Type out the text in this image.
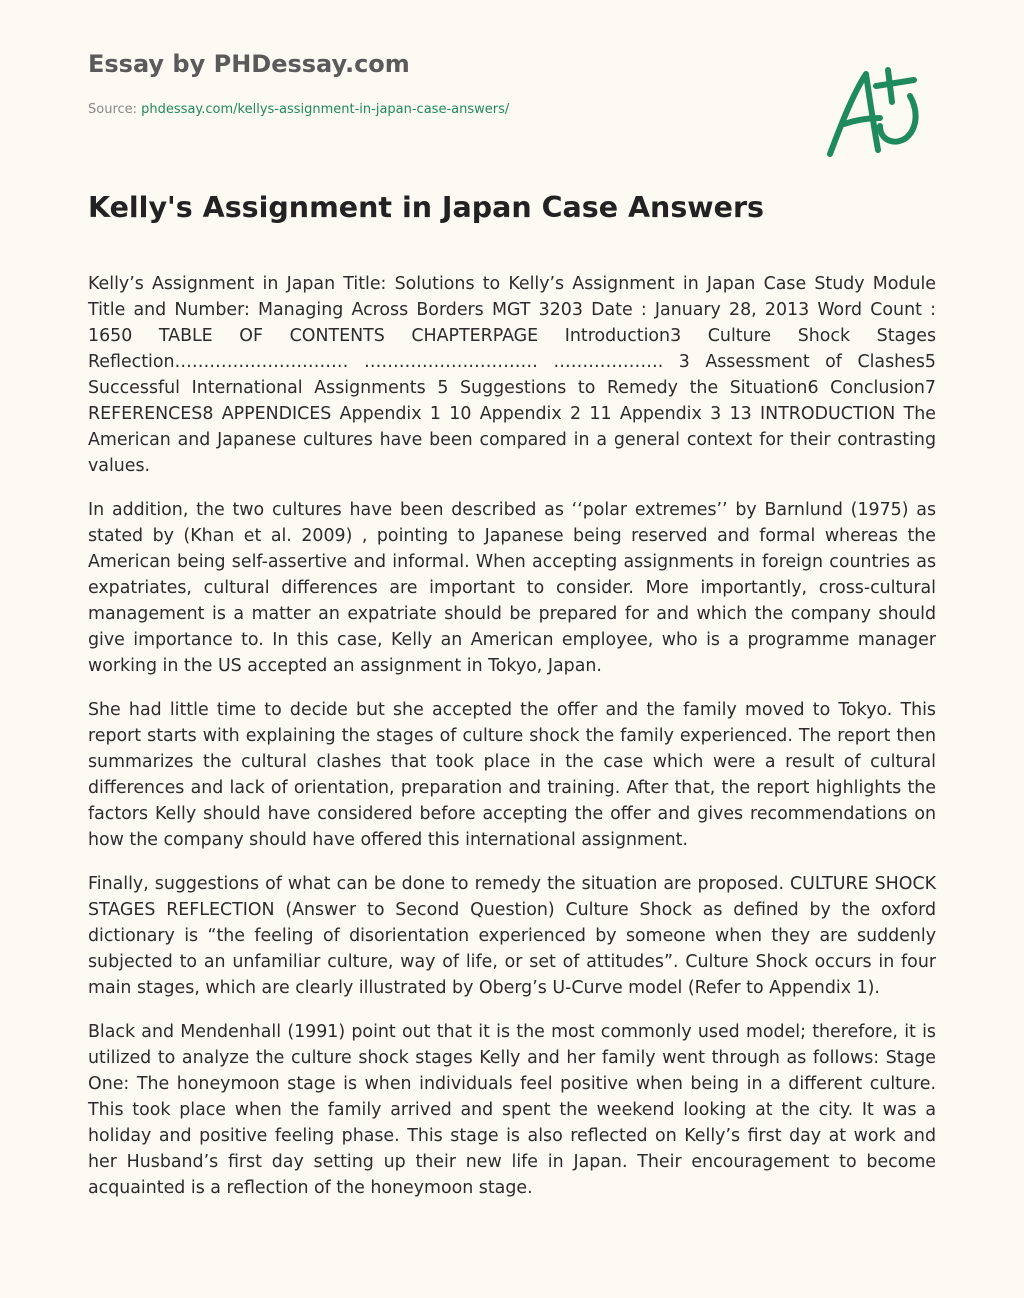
Essay by PHDessay.com
Source: phdessay.com/kellys-assignment-in-japan-case-answers/
Kelly's Assignment in Japan Case Answers

Kelly’s Assignment in Japan Title: Solutions to Kelly’s Assignment in Japan Case Study Module Title and Number: Managing Across Borders MGT 3203 Date : January 28, 2013 Word Count : 1650 TABLE OF CONTENTS CHAPTERPAGE Introduction3 Culture Shock Stages Reflection………………………… ………………………… ………………. 3 Assessment of Clashes5 Successful International Assignments 5 Suggestions to Remedy the Situation6 Conclusion7 REFERENCES8 APPENDICES Appendix 1 10 Appendix 2 11 Appendix 3 13 INTRODUCTION The American and Japanese cultures have been compared in a general context for their contrasting values.

In addition, the two cultures have been described as ‘‘polar extremes’’ by Barnlund (1975) as stated by (Khan et al. 2009) , pointing to Japanese being reserved and formal whereas the American being self-assertive and informal. When accepting assignments in foreign countries as expatriates, cultural differences are important to consider. More importantly, cross-cultural management is a matter an expatriate should be prepared for and which the company should give importance to. In this case, Kelly an American employee, who is a programme manager working in the US accepted an assignment in Tokyo, Japan.

She had little time to decide but she accepted the offer and the family moved to Tokyo. This report starts with explaining the stages of culture shock the family experienced. The report then summarizes the cultural clashes that took place in the case which were a result of cultural differences and lack of orientation, preparation and training. After that, the report highlights the factors Kelly should have considered before accepting the offer and gives recommendations on how the company should have offered this international assignment.

Finally, suggestions of what can be done to remedy the situation are proposed. CULTURE SHOCK STAGES REFLECTION (Answer to Second Question) Culture Shock as defined by the oxford dictionary is “the feeling of disorientation experienced by someone when they are suddenly subjected to an unfamiliar culture, way of life, or set of attitudes”. Culture Shock occurs in four main stages, which are clearly illustrated by Oberg’s U-Curve model (Refer to Appendix 1).

Black and Mendenhall (1991) point out that it is the most commonly used model; therefore, it is utilized to analyze the culture shock stages Kelly and her family went through as follows: Stage One: The honeymoon stage is when individuals feel positive when being in a different culture. This took place when the family arrived and spent the weekend looking at the city. It was a holiday and positive feeling phase. This stage is also reflected on Kelly’s first day at work and her Husband’s first day setting up their new life in Japan. Their encouragement to become acquainted is a reflection of the honeymoon stage.
